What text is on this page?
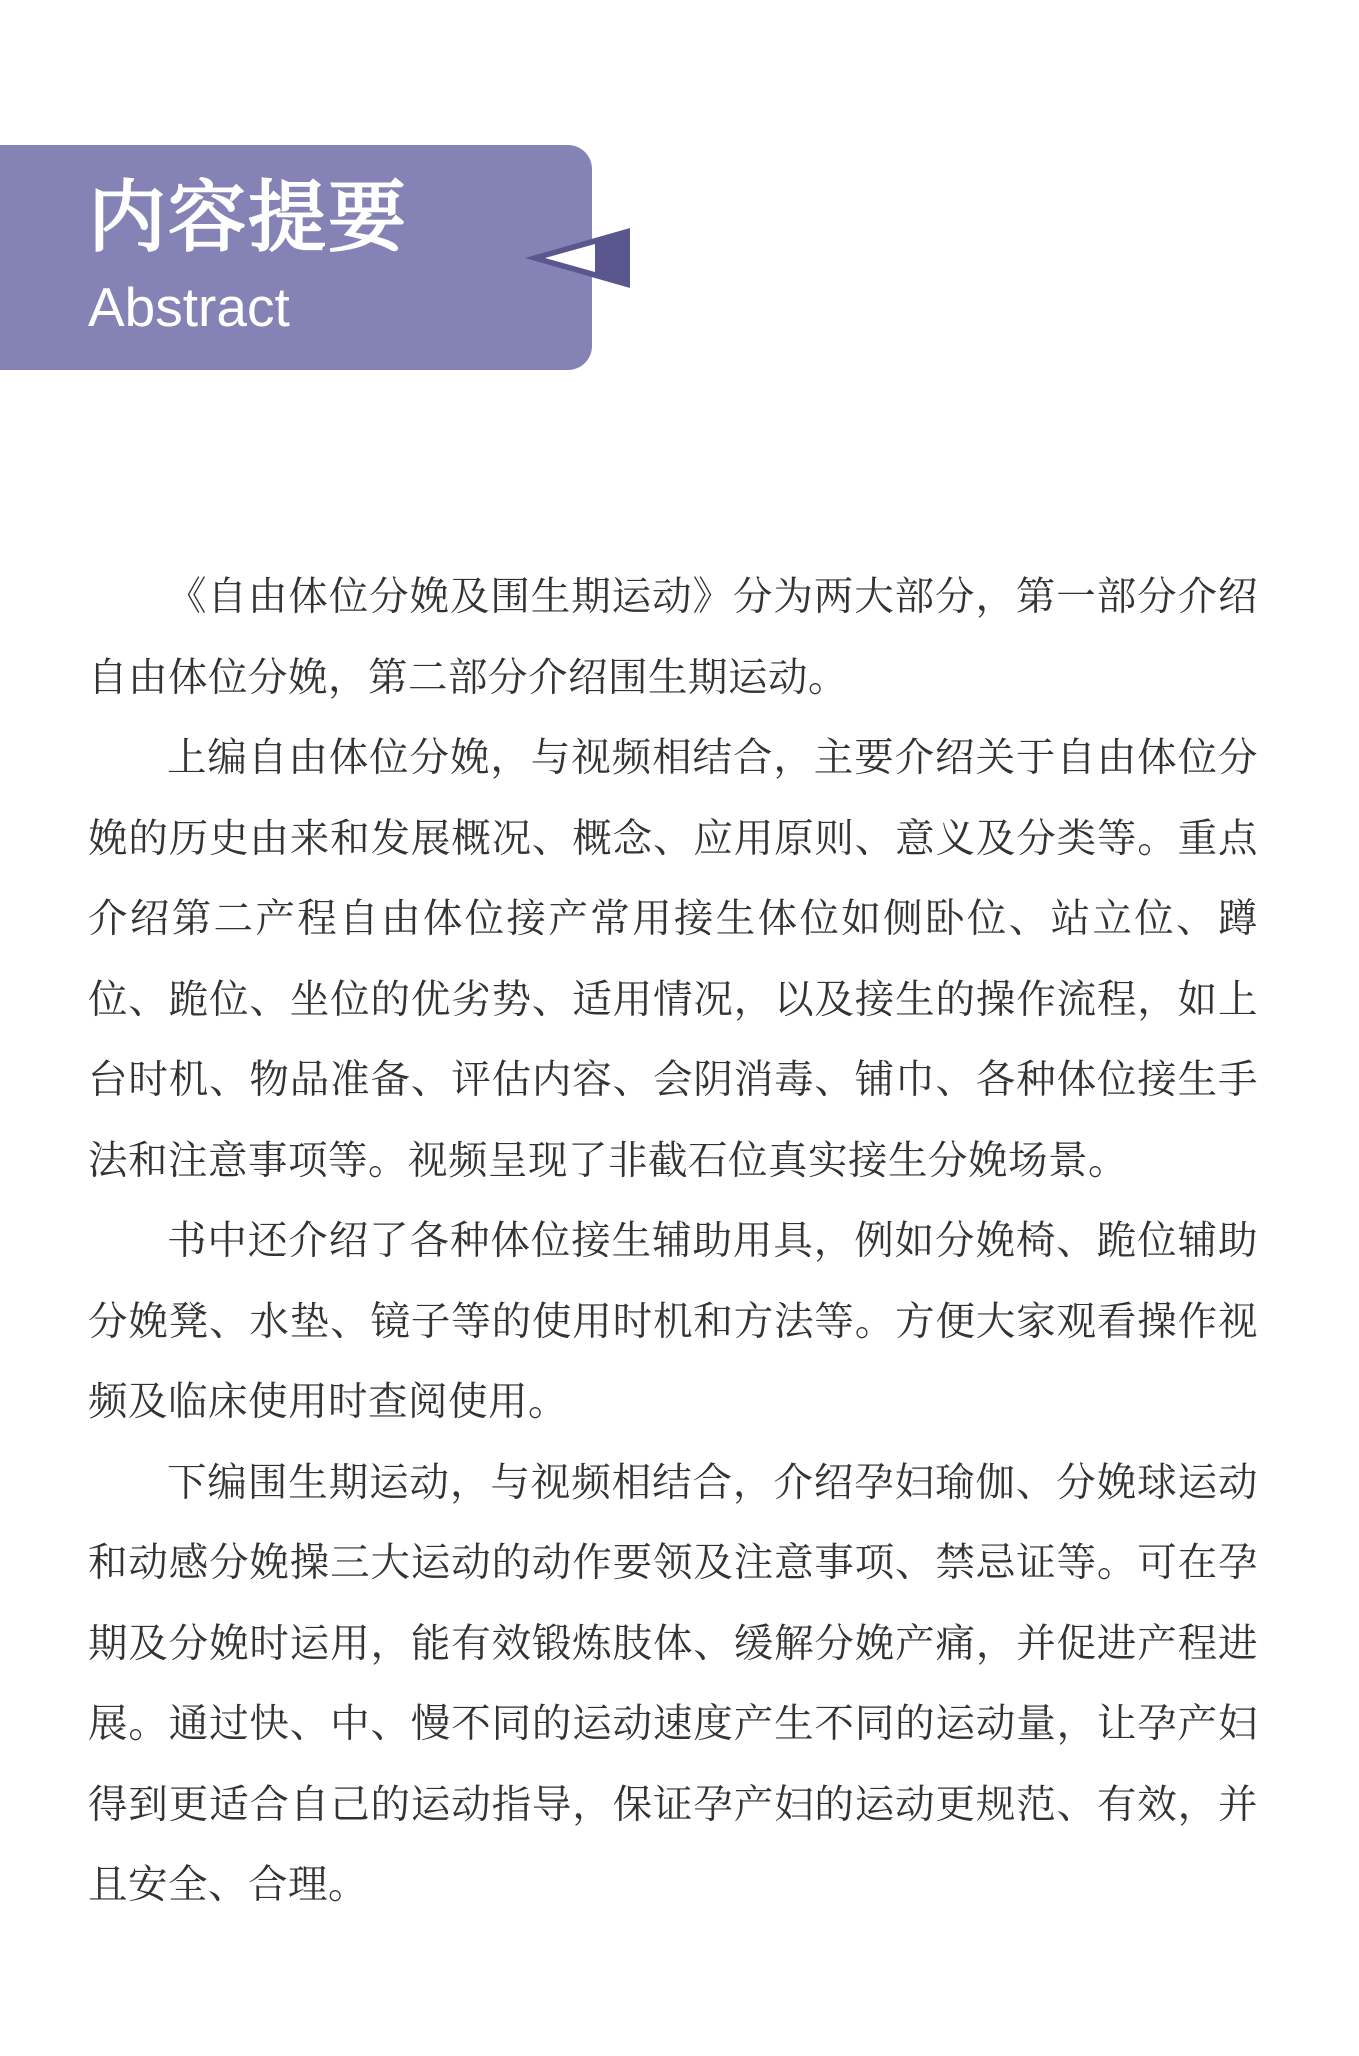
内容提要
Abstract

《自由体位分娩及围生期运动》分为两大部分，第一部分介绍自由体位分娩，第二部分介绍围生期运动。

上编自由体位分娩，与视频相结合，主要介绍关于自由体位分娩的历史由来和发展概况、概念、应用原则、意义及分类等。重点介绍第二产程自由体位接产常用接生体位如侧卧位、站立位、蹲位、跪位、坐位的优劣势、适用情况，以及接生的操作流程，如上台时机、物品准备、评估内容、会阴消毒、铺巾、各种体位接生手法和注意事项等。视频呈现了非截石位真实接生分娩场景。

书中还介绍了各种体位接生辅助用具，例如分娩椅、跪位辅助分娩凳、水垫、镜子等的使用时机和方法等。方便大家观看操作视频及临床使用时查阅使用。

下编围生期运动，与视频相结合，介绍孕妇瑜伽、分娩球运动和动感分娩操三大运动的动作要领及注意事项、禁忌证等。可在孕期及分娩时运用，能有效锻炼肢体、缓解分娩产痛，并促进产程进展。通过快、中、慢不同的运动速度产生不同的运动量，让孕产妇得到更适合自己的运动指导，保证孕产妇的运动更规范、有效，并且安全、合理。
